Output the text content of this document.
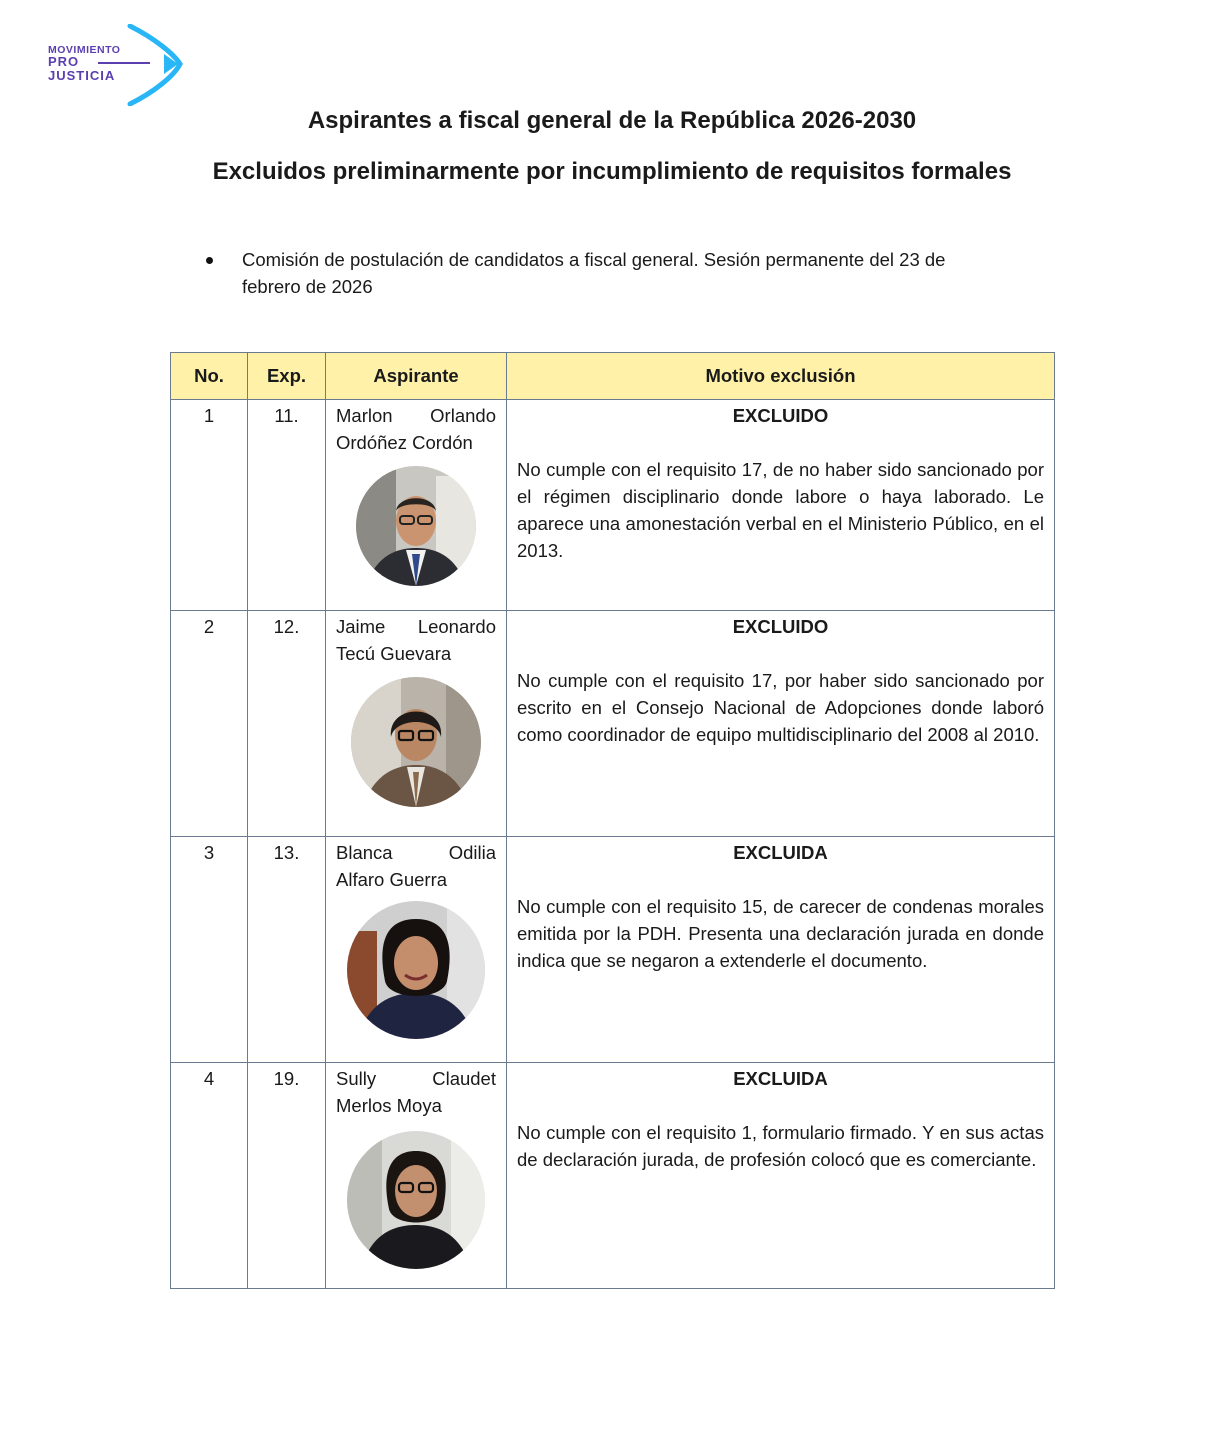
MOVIMIENTO
PRO
JUSTICIA
Aspirantes a fiscal general de la República 2026-2030
Excluidos preliminarmente por incumplimiento de requisitos formales
Comisión de postulación de candidatos a fiscal general. Sesión permanente del 23 de febrero de 2026
No.	Exp.	Aspirante	Motivo exclusión
1	11.	Marlon Orlando Ordóñez Cordón	EXCLUIDO
No cumple con el requisito 17, de no haber sido sancionado por el régimen disciplinario donde labore o haya laborado. Le aparece una amonestación verbal en el Ministerio Público, en el 2013.

2	12.	Jaime Leonardo Tecú Guevara	EXCLUIDO
No cumple con el requisito 17, por haber sido sancionado por escrito en el Consejo Nacional de Adopciones donde laboró como coordinador de equipo multidisciplinario del 2008 al 2010.

3	13.	Blanca Odilia Alfaro Guerra	EXCLUIDA
No cumple con el requisito 15, de carecer de condenas morales emitida por la PDH. Presenta una declaración jurada en donde indica que se negaron a extenderle el documento.

4	19.	Sully Claudet Merlos Moya	EXCLUIDA
No cumple con el requisito 1, formulario firmado. Y en sus actas de declaración jurada, de profesión colocó que es comerciante.
